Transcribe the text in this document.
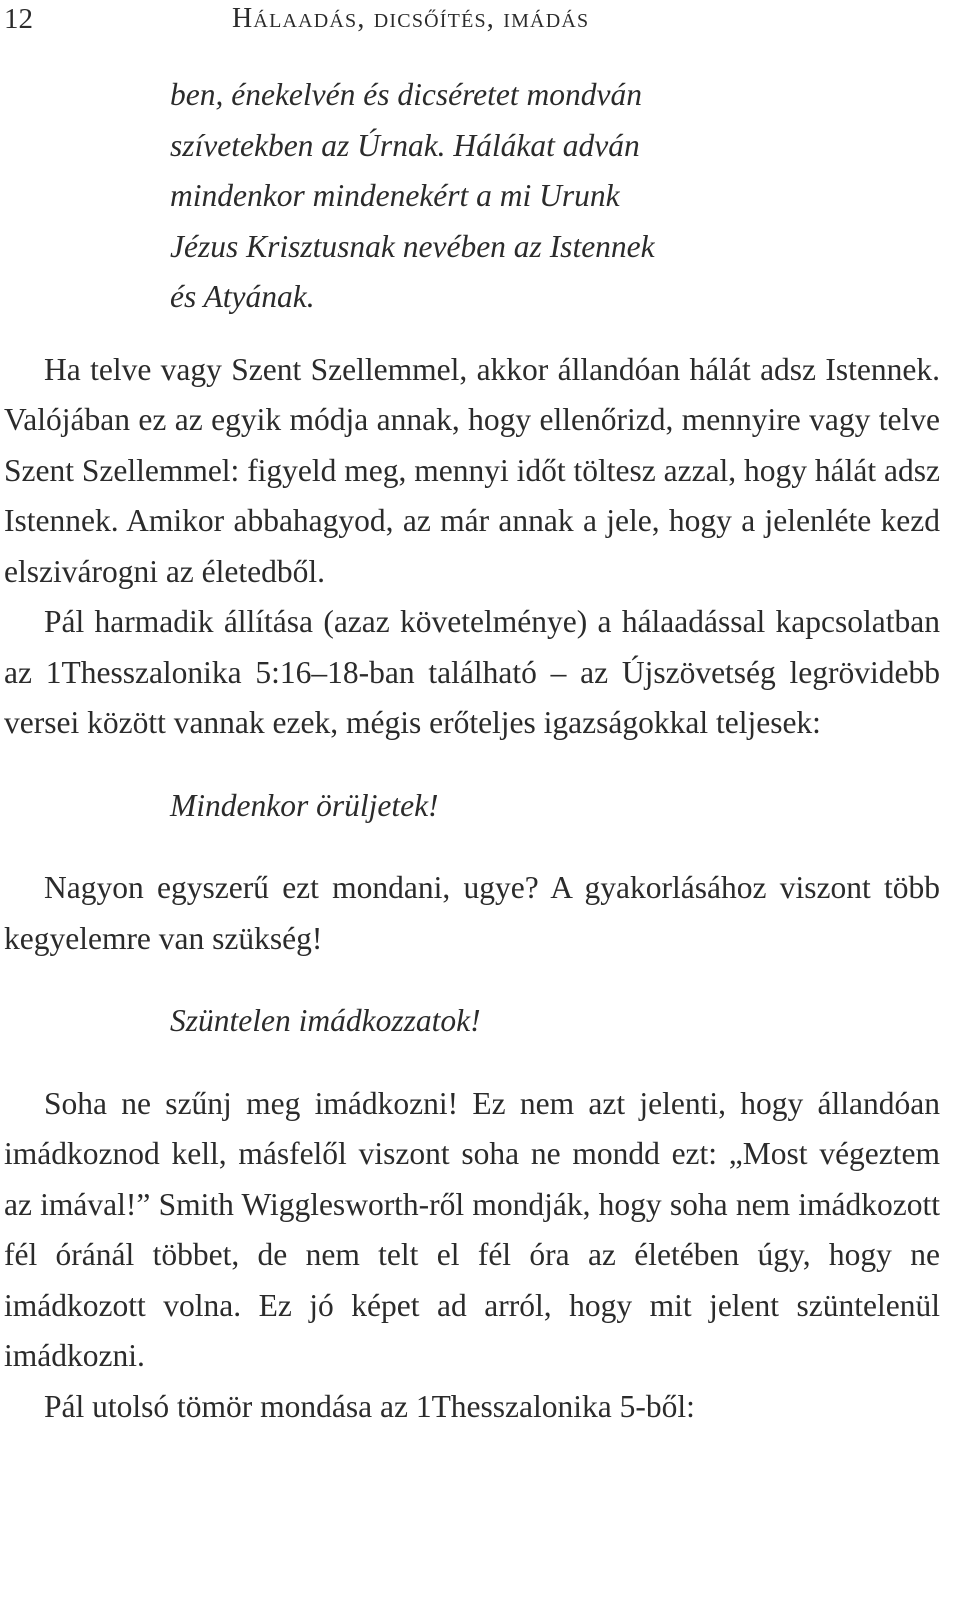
12	Hálaadás, dicsőítés, imádás
ben, énekelvén és dicséretet mondván
szívetekben az Úrnak. Hálákat adván
mindenkor mindenekért a mi Urunk
Jézus Krisztusnak nevében az Istennek
és Atyának.

Ha telve vagy Szent Szellemmel, akkor állandóan hálát adsz Istennek. Valójában ez az egyik módja annak, hogy ellenőrizd, mennyire vagy telve Szent Szellemmel: figyeld meg, mennyi időt töltesz azzal, hogy hálát adsz Istennek. Amikor abbahagyod, az már annak a jele, hogy a jelenléte kezd elszivárogni az életedből.

Pál harmadik állítása (azaz követelménye) a hálaadással kapcsolatban az 1Thesszalonika 5:16–18-ban található – az Újszövetség legrövidebb versei között vannak ezek, mégis erőteljes igazságokkal teljesek:

Mindenkor örüljetek!

Nagyon egyszerű ezt mondani, ugye? A gyakorlásához viszont több kegyelemre van szükség!

Szüntelen imádkozzatok!

Soha ne szűnj meg imádkozni! Ez nem azt jelenti, hogy állandóan imádkoznod kell, másfelől viszont soha ne mondd ezt: „Most végeztem az imával!” Smith Wigglesworth-ről mondják, hogy soha nem imádkozott fél óránál többet, de nem telt el fél óra az életében úgy, hogy ne imádkozott volna. Ez jó képet ad arról, hogy mit jelent szüntelenül imádkozni.

Pál utolsó tömör mondása az 1Thesszalonika 5-ből:
